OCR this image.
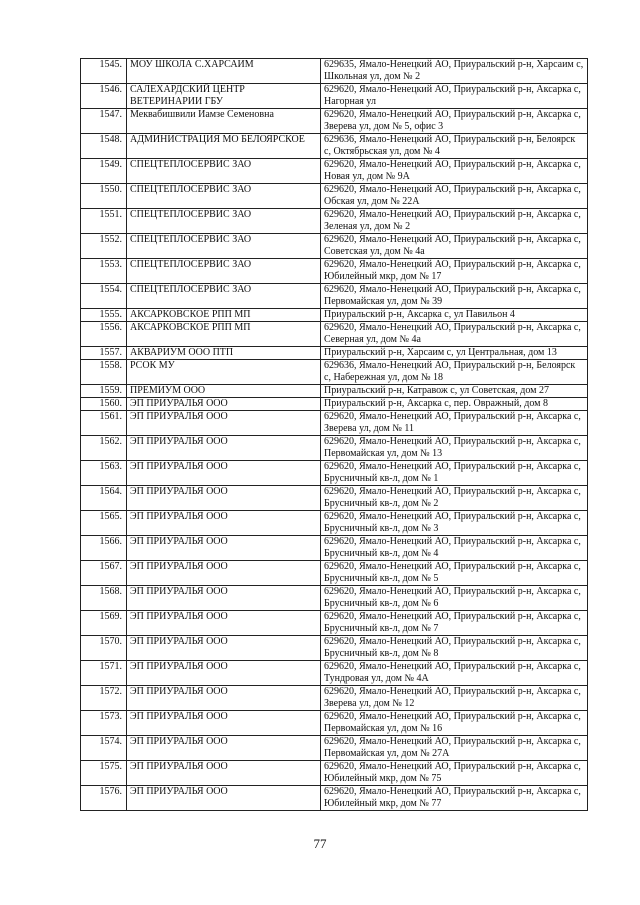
1545.	МОУ ШКОЛА С.ХАРСАИМ	629635, Ямало-Ненецкий АО, Приуральский р-н, Харсаим с, Школьная ул, дом № 2
1546.	САЛЕХАРДСКИЙ ЦЕНТР ВЕТЕРИНАРИИ ГБУ	629620, Ямало-Ненецкий АО, Приуральский р-н, Аксарка с, Нагорная ул
1547.	Меквабишвили Иамзе Семеновна	629620, Ямало-Ненецкий АО, Приуральский р-н, Аксарка с, Зверева ул, дом № 5, офис 3
1548.	АДМИНИСТРАЦИЯ МО БЕЛОЯРСКОЕ	629636, Ямало-Ненецкий АО, Приуральский р-н, Белоярск с, Октябрьская ул, дом № 4
1549.	СПЕЦТЕПЛОСЕРВИС ЗАО	629620, Ямало-Ненецкий АО, Приуральский р-н, Аксарка с, Новая ул, дом № 9А
1550.	СПЕЦТЕПЛОСЕРВИС ЗАО	629620, Ямало-Ненецкий АО, Приуральский р-н, Аксарка с, Обская ул, дом № 22А
1551.	СПЕЦТЕПЛОСЕРВИС ЗАО	629620, Ямало-Ненецкий АО, Приуральский р-н, Аксарка с, Зеленая ул, дом № 2
1552.	СПЕЦТЕПЛОСЕРВИС ЗАО	629620, Ямало-Ненецкий АО, Приуральский р-н, Аксарка с, Советская ул, дом № 4а
1553.	СПЕЦТЕПЛОСЕРВИС ЗАО	629620, Ямало-Ненецкий АО, Приуральский р-н, Аксарка с, Юбилейный мкр, дом № 17
1554.	СПЕЦТЕПЛОСЕРВИС ЗАО	629620, Ямало-Ненецкий АО, Приуральский р-н, Аксарка с, Первомайская ул, дом № 39
1555.	АКСАРКОВСКОЕ РПП МП	Приуральский р-н, Аксарка с, ул Павильон 4
1556.	АКСАРКОВСКОЕ РПП МП	629620, Ямало-Ненецкий АО, Приуральский р-н, Аксарка с, Северная ул, дом № 4а
1557.	АКВАРИУМ ООО ПТП	Приуральский р-н, Харсаим с, ул Центральная, дом 13
1558.	РСОК МУ	629636, Ямало-Ненецкий АО, Приуральский р-н, Белоярск с, Набережная ул, дом № 18
1559.	ПРЕМИУМ ООО	Приуральский р-н, Катравож с, ул Советская, дом 27
1560.	ЭП ПРИУРАЛЬЯ ООО	Приуральский р-н, Аксарка с, пер. Овражный, дом 8
1561.	ЭП ПРИУРАЛЬЯ ООО	629620, Ямало-Ненецкий АО, Приуральский р-н, Аксарка с, Зверева ул, дом № 11
1562.	ЭП ПРИУРАЛЬЯ ООО	629620, Ямало-Ненецкий АО, Приуральский р-н, Аксарка с, Первомайская ул, дом № 13
1563.	ЭП ПРИУРАЛЬЯ ООО	629620, Ямало-Ненецкий АО, Приуральский р-н, Аксарка с, Брусничный кв-л, дом № 1
1564.	ЭП ПРИУРАЛЬЯ ООО	629620, Ямало-Ненецкий АО, Приуральский р-н, Аксарка с, Брусничный кв-л, дом № 2
1565.	ЭП ПРИУРАЛЬЯ ООО	629620, Ямало-Ненецкий АО, Приуральский р-н, Аксарка с, Брусничный кв-л, дом № 3
1566.	ЭП ПРИУРАЛЬЯ ООО	629620, Ямало-Ненецкий АО, Приуральский р-н, Аксарка с, Брусничный кв-л, дом № 4
1567.	ЭП ПРИУРАЛЬЯ ООО	629620, Ямало-Ненецкий АО, Приуральский р-н, Аксарка с, Брусничный кв-л, дом № 5
1568.	ЭП ПРИУРАЛЬЯ ООО	629620, Ямало-Ненецкий АО, Приуральский р-н, Аксарка с, Брусничный кв-л, дом № 6
1569.	ЭП ПРИУРАЛЬЯ ООО	629620, Ямало-Ненецкий АО, Приуральский р-н, Аксарка с, Брусничный кв-л, дом № 7
1570.	ЭП ПРИУРАЛЬЯ ООО	629620, Ямало-Ненецкий АО, Приуральский р-н, Аксарка с, Брусничный кв-л, дом № 8
1571.	ЭП ПРИУРАЛЬЯ ООО	629620, Ямало-Ненецкий АО, Приуральский р-н, Аксарка с, Тундровая ул, дом № 4А
1572.	ЭП ПРИУРАЛЬЯ ООО	629620, Ямало-Ненецкий АО, Приуральский р-н, Аксарка с, Зверева ул, дом № 12
1573.	ЭП ПРИУРАЛЬЯ ООО	629620, Ямало-Ненецкий АО, Приуральский р-н, Аксарка с, Первомайская ул, дом № 16
1574.	ЭП ПРИУРАЛЬЯ ООО	629620, Ямало-Ненецкий АО, Приуральский р-н, Аксарка с, Первомайская ул, дом № 27А
1575.	ЭП ПРИУРАЛЬЯ ООО	629620, Ямало-Ненецкий АО, Приуральский р-н, Аксарка с, Юбилейный мкр, дом № 75
1576.	ЭП ПРИУРАЛЬЯ ООО	629620, Ямало-Ненецкий АО, Приуральский р-н, Аксарка с, Юбилейный мкр, дом № 77
77
